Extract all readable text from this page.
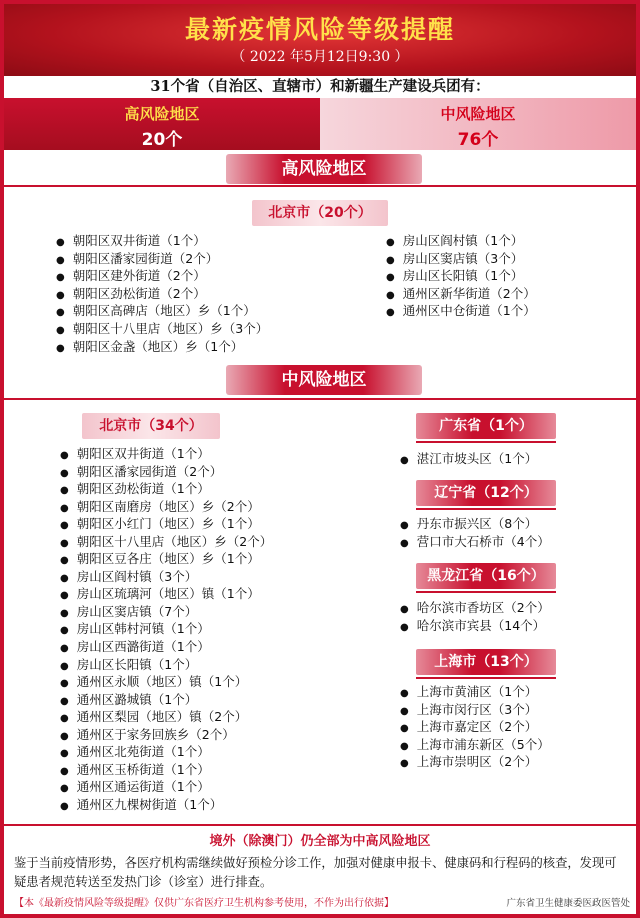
最新疫情风险等级提醒
（ 2022 年5月12日9:30 ）
31个省（自治区、直辖市）和新疆生产建设兵团有：
高风险地区
20个
中风险地区
76个
高风险地区
北京市（20个）
● 朝阳区双井街道（1个）
● 朝阳区潘家园街道（2个）
● 朝阳区建外街道（2个）
● 朝阳区劲松街道（2个）
● 朝阳区高碑店（地区）乡（1个）
● 朝阳区十八里店（地区）乡（3个）
● 朝阳区金盏（地区）乡（1个）
● 房山区阎村镇（1个）
● 房山区窦店镇（3个）
● 房山区长阳镇（1个）
● 通州区新华街道（2个）
● 通州区中仓街道（1个）
中风险地区
北京市（34个）
● 朝阳区双井街道（1个）
● 朝阳区潘家园街道（2个）
● 朝阳区劲松街道（1个）
● 朝阳区南磨房（地区）乡（2个）
● 朝阳区小红门（地区）乡（1个）
● 朝阳区十八里店（地区）乡（2个）
● 朝阳区豆各庄（地区）乡（1个）
● 房山区阎村镇（3个）
● 房山区琉璃河（地区）镇（1个）
● 房山区窦店镇（7个）
● 房山区韩村河镇（1个）
● 房山区西潞街道（1个）
● 房山区长阳镇（1个）
● 通州区永顺（地区）镇（1个）
● 通州区潞城镇（1个）
● 通州区梨园（地区）镇（2个）
● 通州区于家务回族乡（2个）
● 通州区北苑街道（1个）
● 通州区玉桥街道（1个）
● 通州区通运街道（1个）
● 通州区九棵树街道（1个）
广东省（1个）
● 湛江市坡头区（1个）
辽宁省（12个）
● 丹东市振兴区（8个）
● 营口市大石桥市（4个）
黑龙江省（16个）
● 哈尔滨市香坊区（2个）
● 哈尔滨市宾县（14个）
上海市（13个）
● 上海市黄浦区（1个）
● 上海市闵行区（3个）
● 上海市嘉定区（2个）
● 上海市浦东新区（5个）
● 上海市崇明区（2个）
境外（除澳门）仍全部为中高风险地区
鉴于当前疫情形势，各医疗机构需继续做好预检分诊工作，加强对健康申报卡、健康码和行程码的核查，发现可疑患者规范转送至发热门诊（诊室）进行排查。
【本《最新疫情风险等级提醒》仅供广东省医疗卫生机构参考使用，不作为出行依据】	广东省卫生健康委医政医管处
